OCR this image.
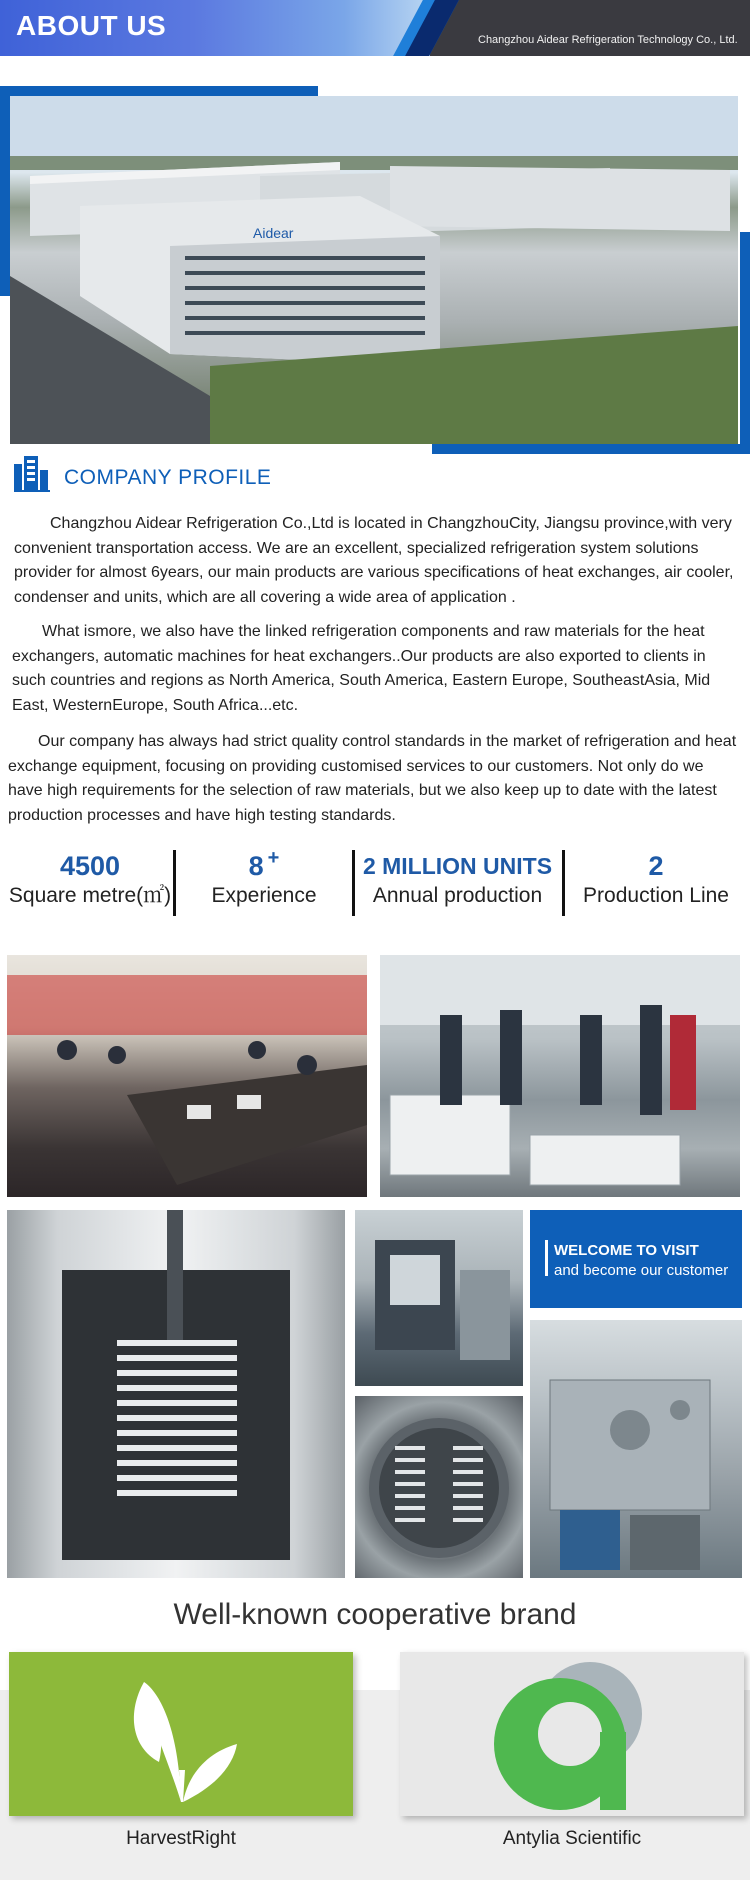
ABOUT US	Changzhou Aidear Refrigeration Technology Co., Ltd.
Aidear
COMPANY PROFILE
Changzhou Aidear Refrigeration Co.,Ltd is located in ChangzhouCity, Jiangsu province,with very convenient transportation access. We are an excellent, specialized refrigeration system solutions provider for almost 6years, our main products are various specifications of heat exchanges, air cooler, condenser and units, which are all covering a wide area of application .
What ismore, we also have the linked refrigeration components and raw materials for the heat exchangers, automatic machines for heat exchangers..Our products are also exported to clients in such countries and regions as North America, South America, Eastern Europe, SoutheastAsia, Mid East, WesternEurope, South Africa...etc.
Our company has always had strict quality control standards in the market of refrigeration and heat exchange equipment, focusing on providing customised services to our customers. Not only do we have high requirements for the selection of raw materials, but we also keep up to date with the latest production processes and have high testing standards.
4500
Square metre(㎡)
8 +
Experience
2 MILLION UNITS
Annual production
2
Production Line
WELCOME TO VISIT
and become our customer
Well-known cooperative brand
HarvestRight	Antylia Scientific
